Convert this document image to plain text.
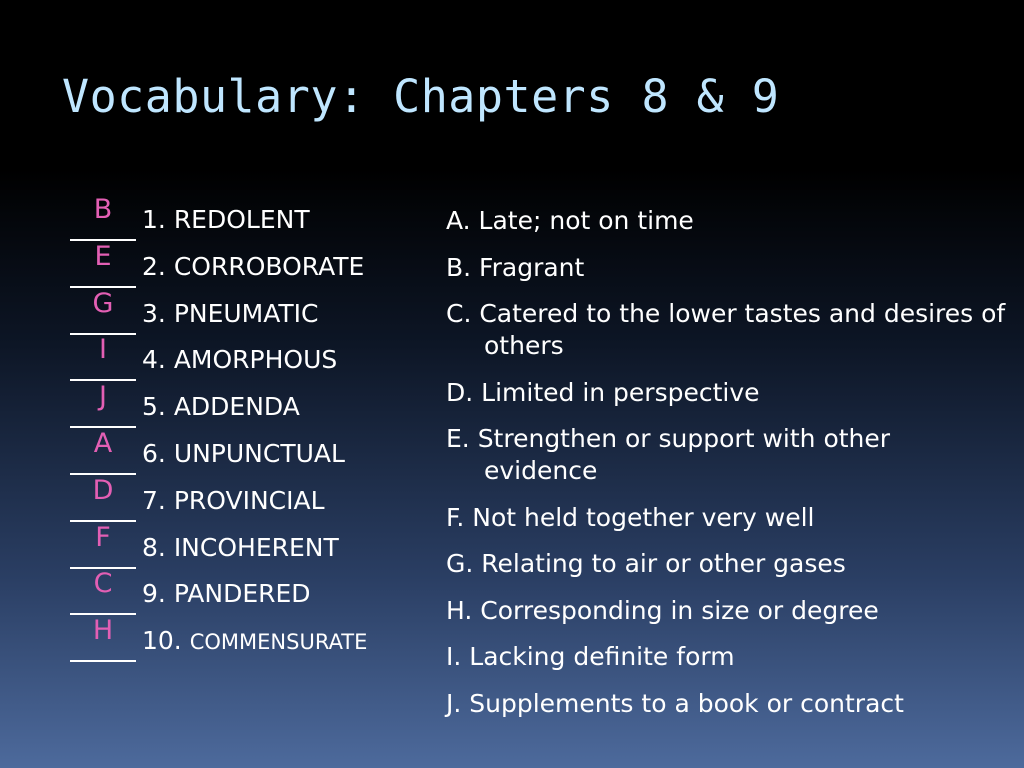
Vocabulary: Chapters 8 & 9
B	1. REDOLENT
E	2. CORROBORATE
G	3. PNEUMATIC
I	4. AMORPHOUS
J	5. ADDENDA
A	6. UNPUNCTUAL
D	7. PROVINCIAL
F	8. INCOHERENT
C	9. PANDERED
H	10. COMMENSURATE
A. Late; not on time
B. Fragrant
C. Catered to the lower tastes and desires of others
D. Limited in perspective
E. Strengthen or support with other evidence
F. Not held together very well
G. Relating to air or other gases
H. Corresponding in size or degree
I. Lacking definite form
J. Supplements to a book or contract
